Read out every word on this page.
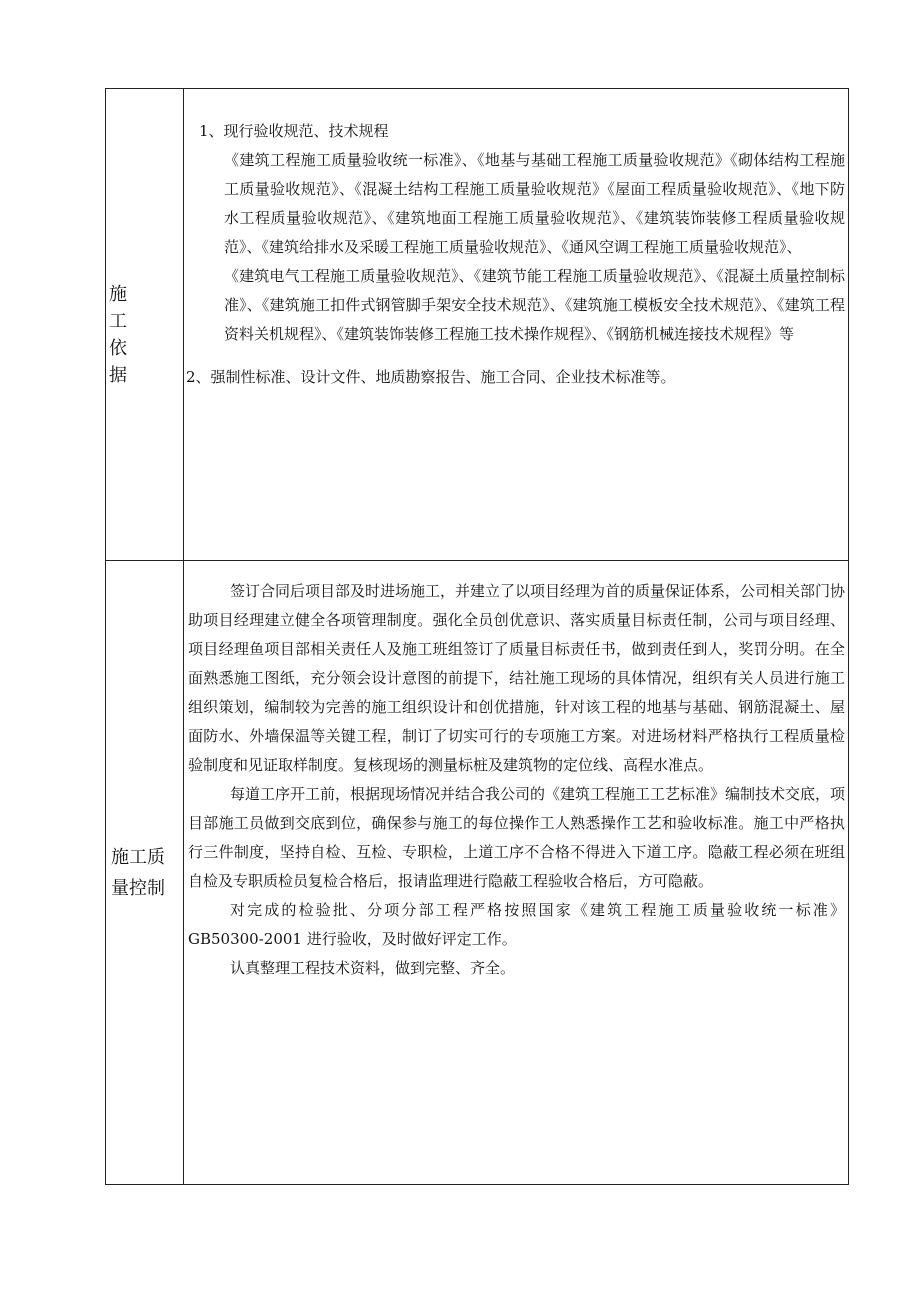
施工依据

1、现行验收规范、技术规程

《建筑工程施工质量验收统一标准》、《地基与基础工程施工质量验收规范》《砌体结构工程施工质量验收规范》、《混凝土结构工程施工质量验收规范》《屋面工程质量验收规范》、《地下防水工程质量验收规范》、《建筑地面工程施工质量验收规范》、《建筑装饰装修工程质量验收规范》、《建筑给排水及采暖工程施工质量验收规范》、《通风空调工程施工质量验收规范》、

《建筑电气工程施工质量验收规范》、《建筑节能工程施工质量验收规范》、《混凝土质量控制标准》、《建筑施工扣件式钢管脚手架安全技术规范》、《建筑施工模板安全技术规范》、《建筑工程资料关机规程》、《建筑装饰装修工程施工技术操作规程》、《钢筋机械连接技术规程》等

2、强制性标准、设计文件、地质勘察报告、施工合同、企业技术标准等。

施工质量控制

签订合同后项目部及时进场施工，并建立了以项目经理为首的质量保证体系，公司相关部门协助项目经理建立健全各项管理制度。强化全员创优意识、落实质量目标责任制，公司与项目经理、项目经理鱼项目部相关责任人及施工班组签订了质量目标责任书，做到责任到人，奖罚分明。在全面熟悉施工图纸，充分领会设计意图的前提下，结社施工现场的具体情况，组织有关人员进行施工组织策划，编制较为完善的施工组织设计和创优措施，针对该工程的地基与基础、钢筋混凝土、屋面防水、外墙保温等关键工程，制订了切实可行的专项施工方案。对进场材料严格执行工程质量检验制度和见证取样制度。复核现场的测量标桩及建筑物的定位线、高程水准点。

每道工序开工前，根据现场情况并结合我公司的《建筑工程施工工艺标准》编制技术交底，项目部施工员做到交底到位，确保参与施工的每位操作工人熟悉操作工艺和验收标准。施工中严格执行三件制度，坚持自检、互检、专职检，上道工序不合格不得进入下道工序。隐蔽工程必须在班组自检及专职质检员复检合格后，报请监理进行隐蔽工程验收合格后，方可隐蔽。

对完成的检验批、分项分部工程严格按照国家《建筑工程施工质量验收统一标准》GB50300-2001 进行验收，及时做好评定工作。

认真整理工程技术资料，做到完整、齐全。
